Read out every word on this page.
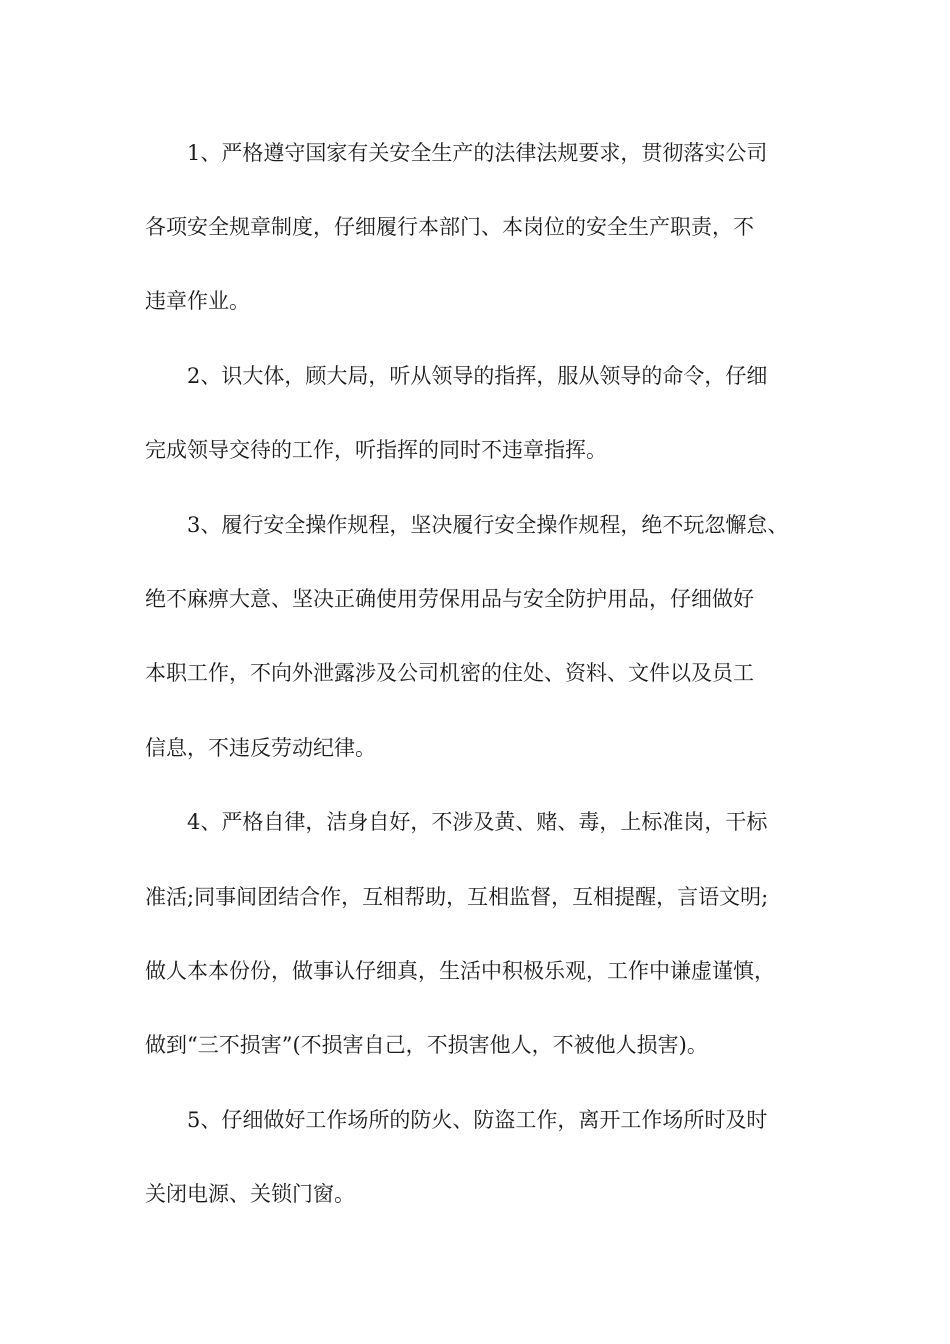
1、严格遵守国家有关安全生产的法律法规要求，贯彻落实公司
各项安全规章制度，仔细履行本部门、本岗位的安全生产职责，不
违章作业。
2、识大体，顾大局，听从领导的指挥，服从领导的命令，仔细
完成领导交待的工作，听指挥的同时不违章指挥。
3、履行安全操作规程，坚决履行安全操作规程，绝不玩忽懈怠、
绝不麻痹大意、坚决正确使用劳保用品与安全防护用品，仔细做好
本职工作，不向外泄露涉及公司机密的住处、资料、文件以及员工
信息，不违反劳动纪律。
4、严格自律，洁身自好，不涉及黄、赌、毒，上标准岗，干标
准活;同事间团结合作，互相帮助，互相监督，互相提醒，言语文明;
做人本本份份，做事认仔细真，生活中积极乐观，工作中谦虚谨慎，
做到“三不损害”(不损害自己，不损害他人，不被他人损害)。
5、仔细做好工作场所的防火、防盗工作，离开工作场所时及时
关闭电源、关锁门窗。
